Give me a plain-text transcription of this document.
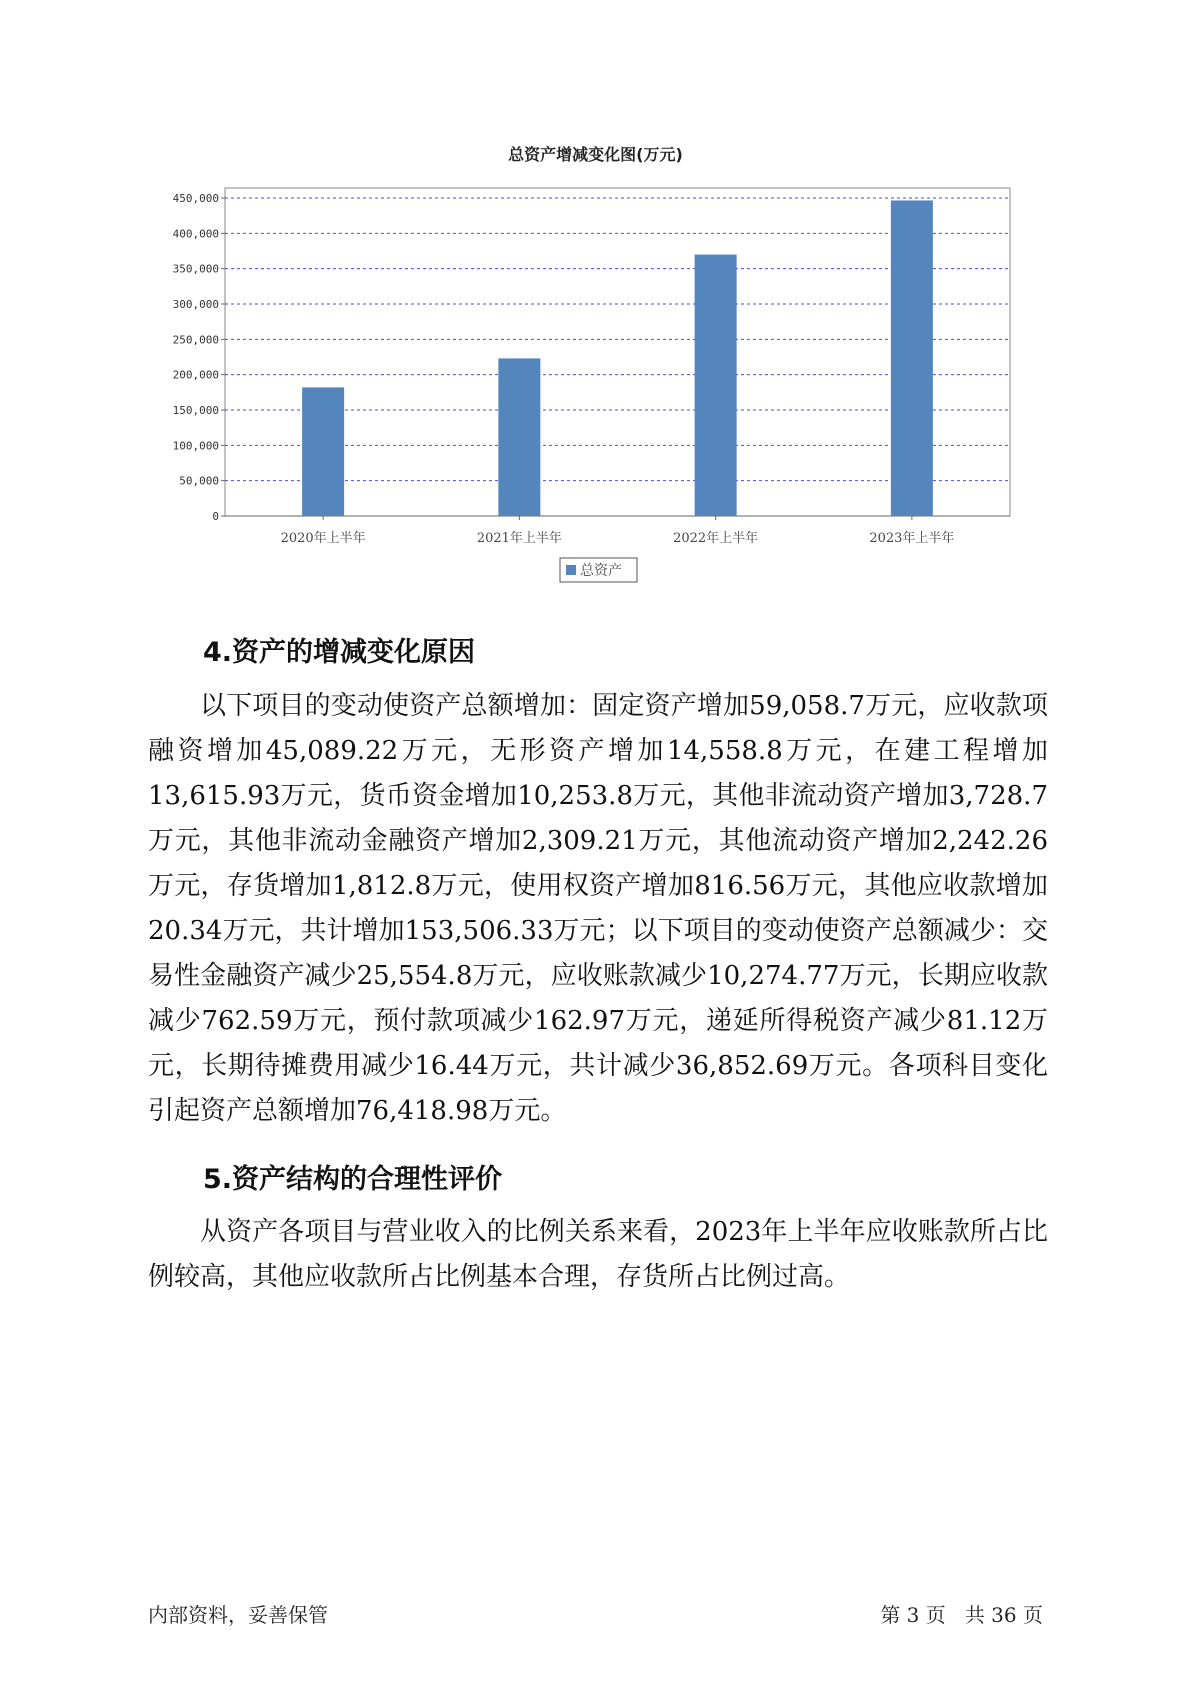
总资产增减变化图(万元)
0
50,000
100,000
150,000
200,000
250,000
300,000
350,000
400,000
450,000
2020年上半年	2021年上半年	2022年上半年	2023年上半年
总资产
4.资产的增减变化原因

以下项目的变动使资产总额增加：固定资产增加59,058.7万元，应收款项融资增加45,089.22万元，无形资产增加14,558.8万元，在建工程增加13,615.93万元，货币资金增加10,253.8万元，其他非流动资产增加3,728.7万元，其他非流动金融资产增加2,309.21万元，其他流动资产增加2,242.26万元，存货增加1,812.8万元，使用权资产增加816.56万元，其他应收款增加20.34万元，共计增加153,506.33万元；以下项目的变动使资产总额减少：交易性金融资产减少25,554.8万元，应收账款减少10,274.77万元，长期应收款减少762.59万元，预付款项减少162.97万元，递延所得税资产减少81.12万元，长期待摊费用减少16.44万元，共计减少36,852.69万元。各项科目变化引起资产总额增加76,418.98万元。

5.资产结构的合理性评价

从资产各项目与营业收入的比例关系来看，2023年上半年应收账款所占比例较高，其他应收款所占比例基本合理，存货所占比例过高。

内部资料，妥善保管	第 3 页   共 36 页
